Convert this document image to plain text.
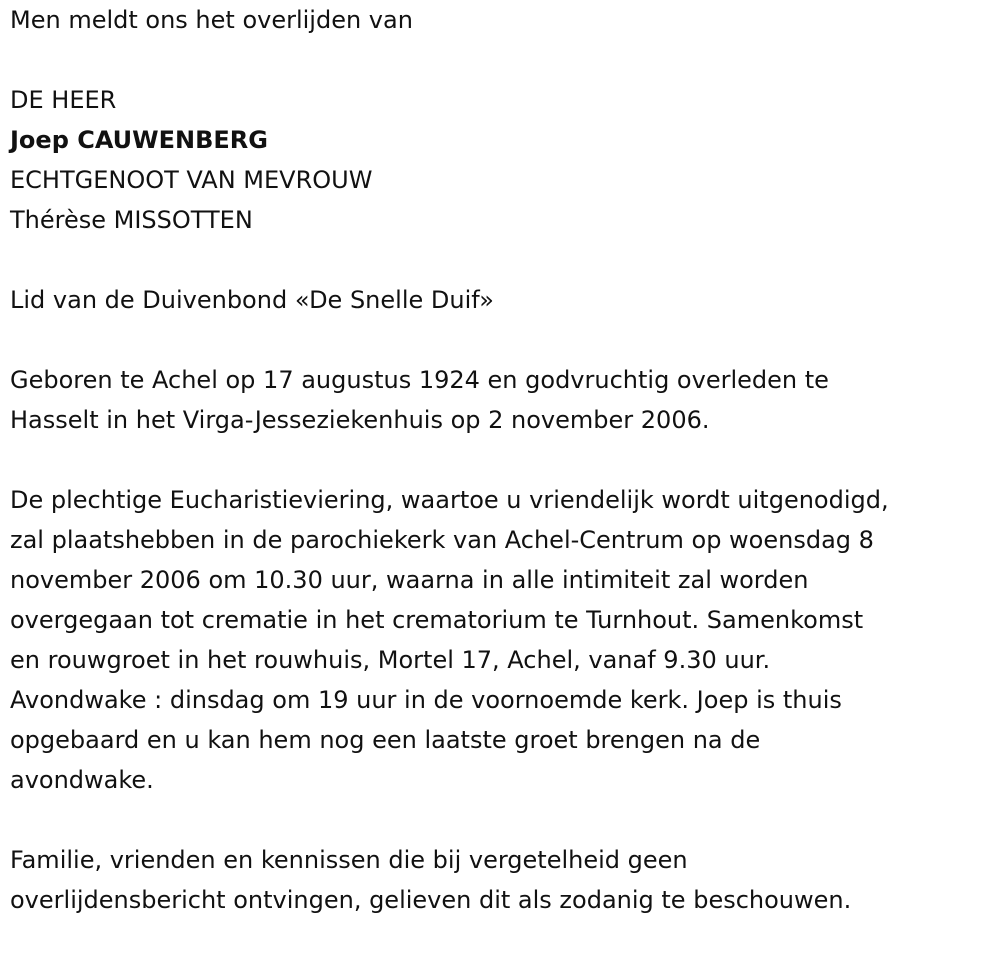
Men meldt ons het overlijden van

DE HEER

Joep CAUWENBERG

ECHTGENOOT VAN MEVROUW

Thérèse MISSOTTEN

Lid van de Duivenbond «De Snelle Duif»

Geboren te Achel op 17 augustus 1924 en godvruchtig overleden te

Hasselt in het Virga-Jesseziekenhuis op 2 november 2006.

De plechtige Eucharistieviering, waartoe u vriendelijk wordt uitgenodigd,

zal plaatshebben in de parochiekerk van Achel-Centrum op woensdag 8

november 2006 om 10.30 uur, waarna in alle intimiteit zal worden

overgegaan tot crematie in het crematorium te Turnhout. Samenkomst

en rouwgroet in het rouwhuis, Mortel 17, Achel, vanaf 9.30 uur.

Avondwake : dinsdag om 19 uur in de voornoemde kerk. Joep is thuis

opgebaard en u kan hem nog een laatste groet brengen na de

avondwake.

Familie, vrienden en kennissen die bij vergetelheid geen

overlijdensbericht ontvingen, gelieven dit als zodanig te beschouwen.
